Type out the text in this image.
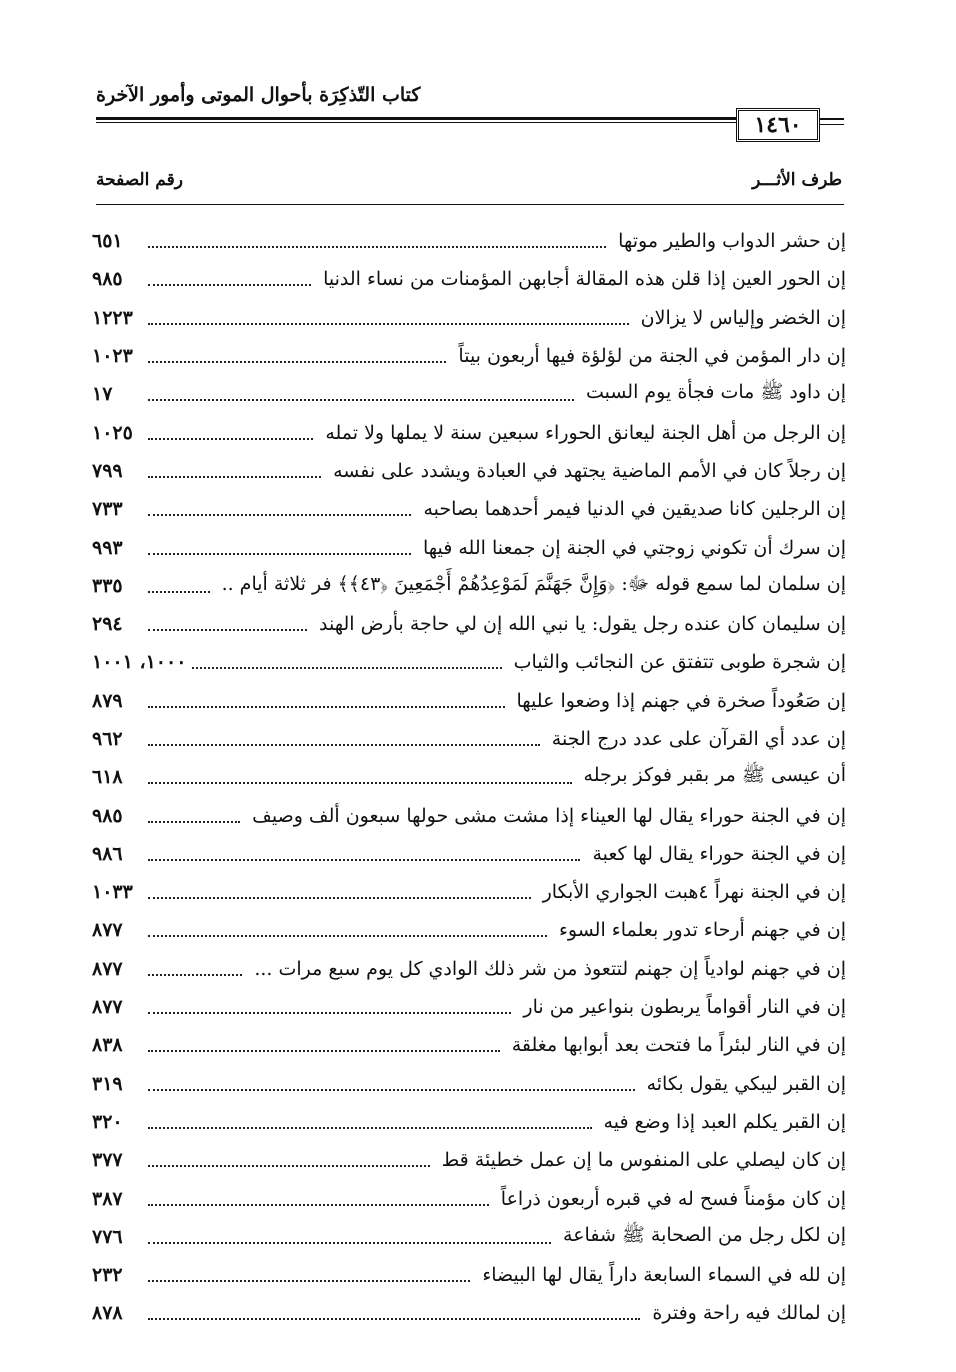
كتاب التّذكِرَة بأحوال الموتى وأمور الآخرة
١٤٦٠
رقم الصفحة	طرف الأثـــر
إن حشر الدواب والطير موتها
٦٥١
إن الحور العين إذا قلن هذه المقالة أجابهن المؤمنات من نساء الدنيا
٩٨٥
إن الخضر وإلياس لا يزالان
١٢٢٣
إن دار المؤمن في الجنة من لؤلؤة فيها أربعون بيتاً
١٠٢٣
إن داود ﷺ مات فجأة يوم السبت
١٧
إن الرجل من أهل الجنة ليعانق الحوراء سبعين سنة لا يملها ولا تمله
١٠٢٥
إن رجلاً كان في الأمم الماضية يجتهد في العبادة ويشدد على نفسه
٧٩٩
إن الرجلين كانا صديقين في الدنيا فيمر أحدهما بصاحبه
٧٣٣
إن سرك أن تكوني زوجتي في الجنة إن جمعنا الله فيها
٩٩٣
إن سلمان لما سمع قوله ﷻ: ﴿وَإِنَّ جَهَنَّمَ لَمَوْعِدُهُمْ أَجْمَعِينَ ﴿٤٣﴾﴾ فر ثلاثة أيام ..
٣٣٥
إن سليمان كان عنده رجل يقول: يا نبي الله إن لي حاجة بأرض الهند
٢٩٤
إن شجرة طوبى تتفتق عن النجائب والثياب
١٠٠٠، ١٠٠١
إن صَعُوداً صخرة في جهنم إذا وضعوا عليها
٨٧٩
إن عدد أي القرآن على عدد درج الجنة
٩٦٢
أن عيسى ﷺ مر بقبر فوكز برجله
٦١٨
إن في الجنة حوراء يقال لها العيناء إذا مشت مشى حولها سبعون ألف وصيف
٩٨٥
إن في الجنة حوراء يقال لها كعبة
٩٨٦
إن في الجنة نهراً ٤هبت الجواري الأبكار
١٠٣٣
إن في جهنم أرحاء تدور بعلماء السوء
٨٧٧
إن في جهنم لوادياً إن جهنم لتتعوذ من شر ذلك الوادي كل يوم سبع مرات ...
٨٧٧
إن في النار أقواماً يربطون بنواعير من نار
٨٧٧
إن في النار لبئراً ما فتحت بعد أبوابها مغلقة
٨٣٨
إن القبر ليبكي يقول بكائه
٣١٩
إن القبر يكلم العبد إذا وضع فيه
٣٢٠
إن كان ليصلي على المنفوس ما إن عمل خطيئة قط
٣٧٧
إن كان مؤمناً فسح له في قبره أربعون ذراعاً
٣٨٧
إن لكل رجل من الصحابة ﷺ شفاعة
٧٧٦
إن لله في السماء السابعة داراً يقال لها البيضاء
٢٣٢
إن لمالك فيه راحة وفترة
٨٧٨
